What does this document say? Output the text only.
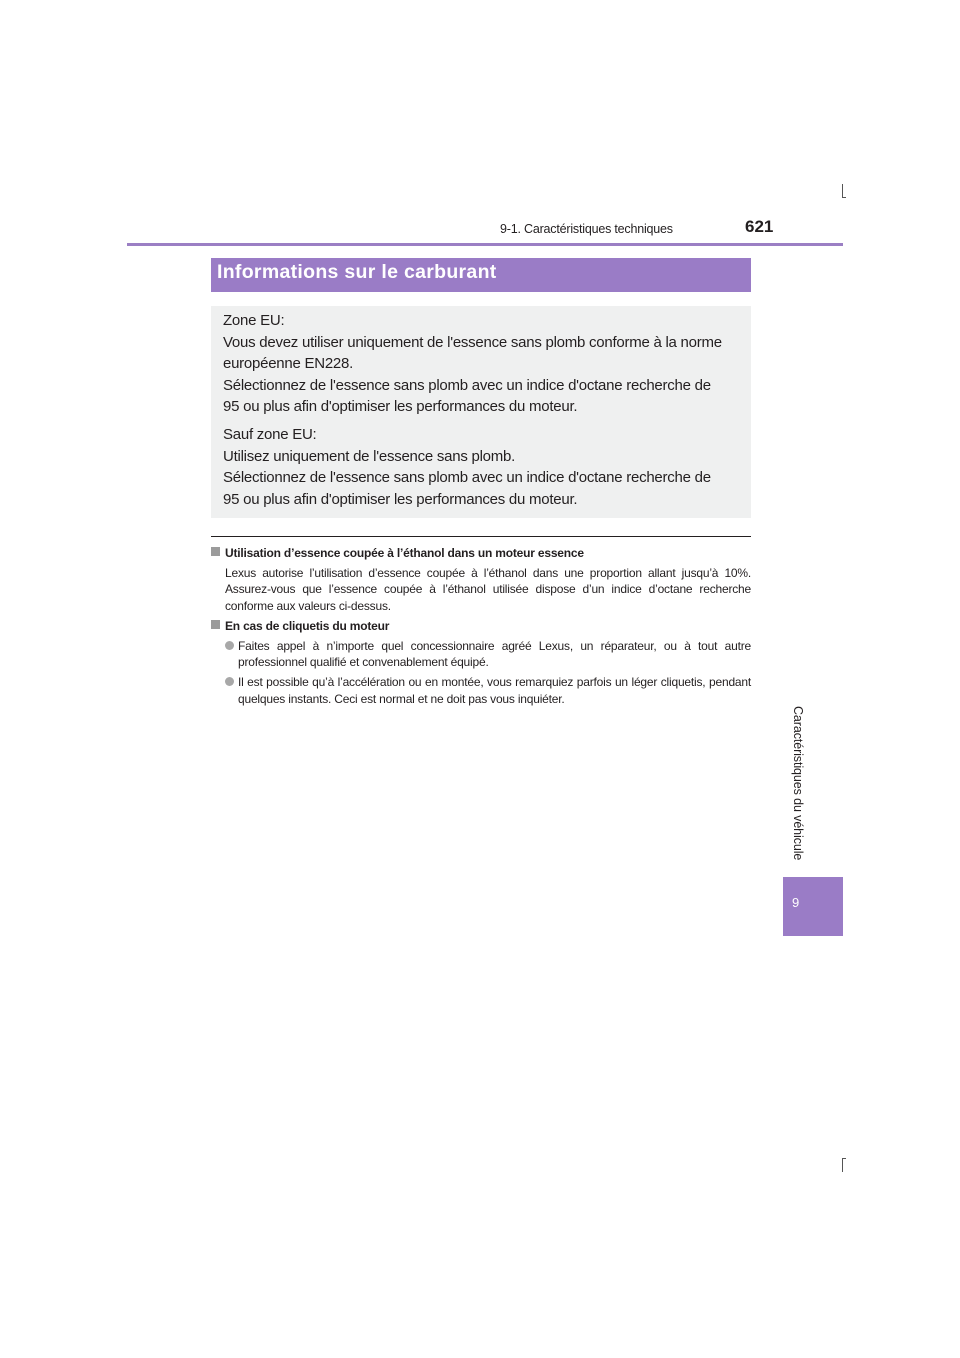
9-1. Caractéristiques techniques	621
Informations sur le carburant

Zone EU:

Vous devez utiliser uniquement de l'essence sans plomb conforme à la norme

européenne EN228.

Sélectionnez de l'essence sans plomb avec un indice d'octane recherche de

95 ou plus afin d'optimiser les performances du moteur.

Sauf zone EU:

Utilisez uniquement de l'essence sans plomb.

Sélectionnez de l'essence sans plomb avec un indice d'octane recherche de

95 ou plus afin d'optimiser les performances du moteur.

Utilisation d’essence coupée à l’éthanol dans un moteur essence

Lexus autorise l’utilisation d’essence coupée à l’éthanol dans une proportion allant jusqu’à 10%. Assurez-vous que l’essence coupée à l’éthanol utilisée dispose d’un indice d’octane recherche conforme aux valeurs ci-dessus.

En cas de cliquetis du moteur
Faites appel à n’importe quel concessionnaire agréé Lexus, un réparateur, ou à tout autre professionnel qualifié et convenablement équipé.
Il est possible qu’à l’accélération ou en montée, vous remarquiez parfois un léger cliquetis, pendant quelques instants. Ceci est normal et ne doit pas vous inquiéter.
Caractéristiques du véhicule
9
